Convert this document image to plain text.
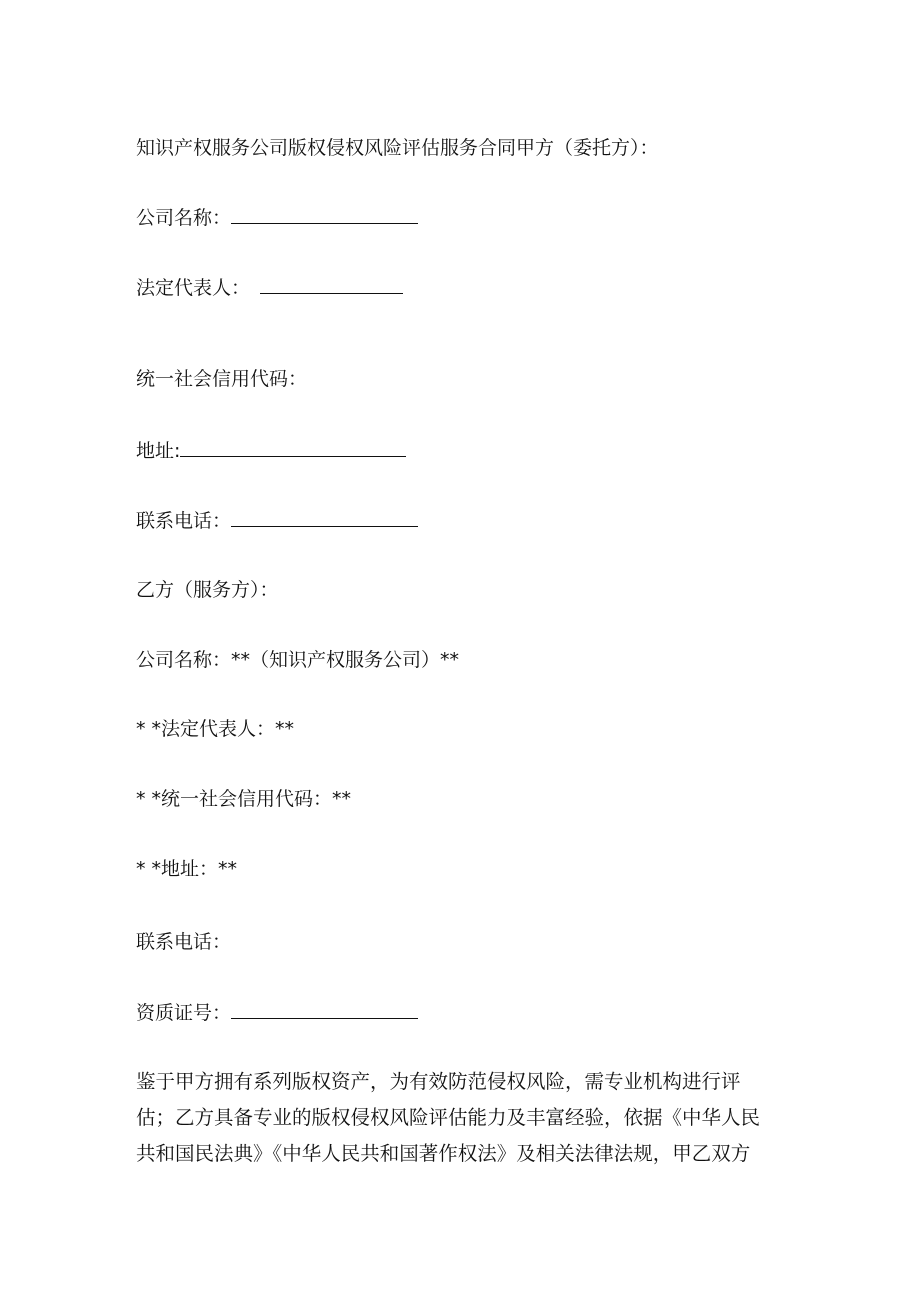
知识产权服务公司版权侵权风险评估服务合同甲方（委托方）：
公司名称：
法定代表人：
统一社会信用代码：
地址:
联系电话：
乙方（服务方）：
公司名称：**（知识产权服务公司）**
* *法定代表人：**
* *统一社会信用代码：**
* *地址：**
联系电话：
资质证号：
鉴于甲方拥有系列版权资产，为有效防范侵权风险，需专业机构进行评
估；乙方具备专业的版权侵权风险评估能力及丰富经验，依据《中华人民
共和国民法典》《中华人民共和国著作权法》及相关法律法规，甲乙双方
